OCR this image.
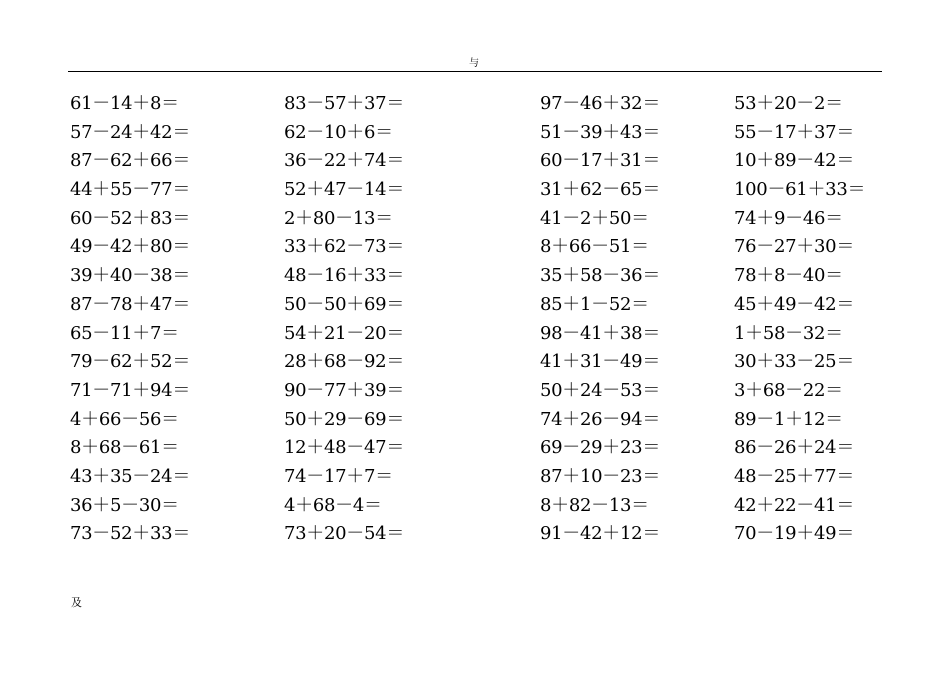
与
61－14＋8＝
57－24＋42＝
87－62＋66＝
44＋55－77＝
60－52＋83＝
49－42＋80＝
39＋40－38＝
87－78＋47＝
65－11＋7＝
79－62＋52＝
71－71＋94＝
4＋66－56＝
8＋68－61＝
43＋35－24＝
36＋5－30＝
73－52＋33＝
83－57＋37＝
62－10＋6＝
36－22＋74＝
52＋47－14＝
2＋80－13＝
33＋62－73＝
48－16＋33＝
50－50＋69＝
54＋21－20＝
28＋68－92＝
90－77＋39＝
50＋29－69＝
12＋48－47＝
74－17＋7＝
4＋68－4＝
73＋20－54＝
97－46＋32＝
51－39＋43＝
60－17＋31＝
31＋62－65＝
41－2＋50＝
8＋66－51＝
35＋58－36＝
85＋1－52＝
98－41＋38＝
41＋31－49＝
50＋24－53＝
74＋26－94＝
69－29＋23＝
87＋10－23＝
8＋82－13＝
91－42＋12＝
53＋20－2＝
55－17＋37＝
10＋89－42＝
100－61＋33＝
74＋9－46＝
76－27＋30＝
78＋8－40＝
45＋49－42＝
1＋58－32＝
30＋33－25＝
3＋68－22＝
89－1＋12＝
86－26＋24＝
48－25＋77＝
42＋22－41＝
70－19＋49＝
及
